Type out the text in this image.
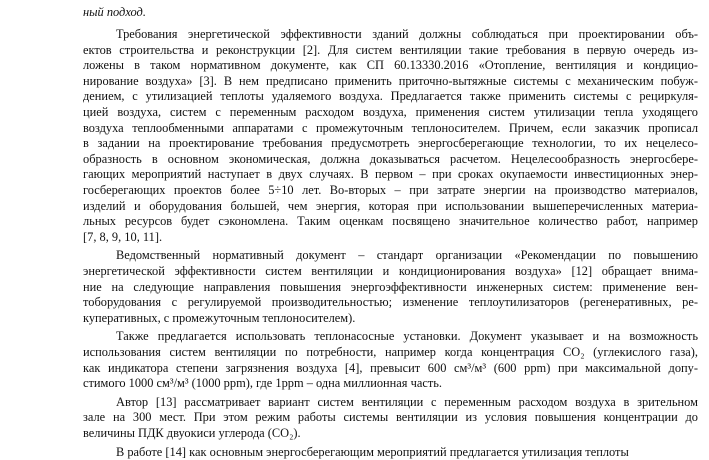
ный подход.
Требования энергетической эффективности зданий должны соблюдаться при проектировании объ-
ектов строительства и реконструкции [2]. Для систем вентиляции такие требования в первую очередь из-
ложены в таком нормативном документе, как СП 60.13330.2016 «Отопление, вентиляция и кондицио-
нирование воздуха» [3]. В нем предписано применить приточно-вытяжные системы с механическим побуж-
дением, с утилизацией теплоты удаляемого воздуха. Предлагается также применить системы с рециркуля-
цией воздуха, систем с переменным расходом воздуха, применения систем утилизации тепла уходящего
воздуха теплообменными аппаратами с промежуточным теплоносителем. Причем, если заказчик прописал
в задании на проектирование требования предусмотреть энергосберегающие технологии, то их нецелесо-
образность в основном экономическая, должна доказываться расчетом. Нецелесообразность энергосбере-
гающих мероприятий наступает в двух случаях. В первом – при сроках окупаемости инвестиционных энер-
госберегающих проектов более 5÷10 лет. Во-вторых – при затрате энергии на производство материалов,
изделий и оборудования большей, чем энергия, которая при использовании вышеперечисленных материа-
льных ресурсов будет сэкономлена. Таким оценкам посвящено значительное количество работ, например
[7, 8, 9, 10, 11].
Ведомственный нормативный документ – стандарт организации «Рекомендации по повышению
энергетической эффективности систем вентиляции и кондиционирования воздуха» [12] обращает внима-
ние на следующие направления повышения энергоэффективности инженерных систем: применение вен-
тоборудования с регулируемой производительностью; изменение теплоутилизаторов (регенеративных, ре-
куперативных, с промежуточным теплоносителем).
Также предлагается использовать теплонасосные установки. Документ указывает и на возможность
использования систем вентиляции по потребности, например когда концентрация CO₂ (углекислого газа),
как индикатора степени загрязнения воздуха [4], превысит 600 см³/м³ (600 ppm) при максимальной допу-
стимого 1000 см³/м³ (1000 ppm), где 1ppm – одна миллионная часть.
Автор [13] рассматривает вариант систем вентиляции с переменным расходом воздуха в зрительном
зале на 300 мест. При этом режим работы системы вентиляции из условия повышения концентрации до
величины ПДК двуокиси углерода (CO₂).
В работе [14] как основным энергосберегающим мероприятий предлагается утилизация теплоты
